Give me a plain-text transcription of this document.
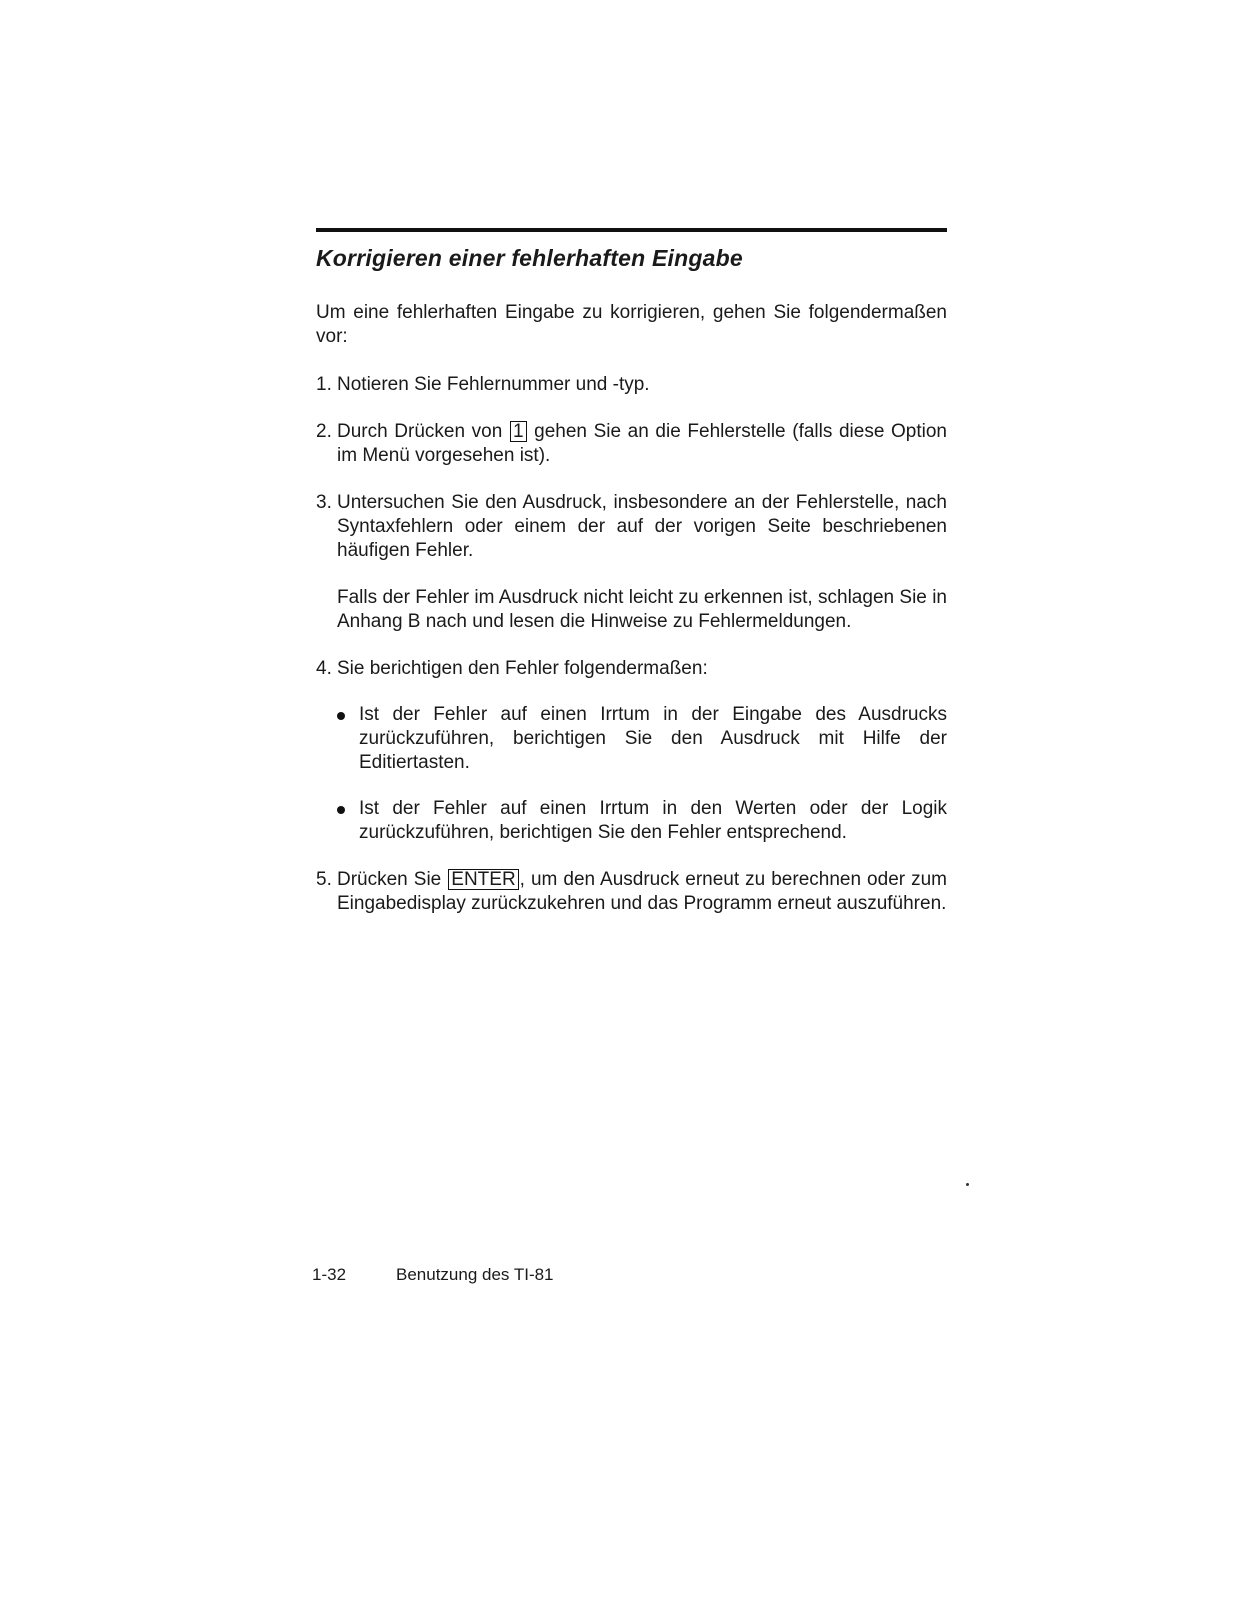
Korrigieren einer fehlerhaften Eingabe

Um eine fehlerhaften Eingabe zu korrigieren, gehen Sie folgendermaßen vor:

1. Notieren Sie Fehlernummer und -typ.

2. Durch Drücken von 1 gehen Sie an die Fehlerstelle (falls diese Option im Menü vorgesehen ist).

3. Untersuchen Sie den Ausdruck, insbesondere an der Fehlerstelle, nach Syntaxfehlern oder einem der auf der vorigen Seite beschriebenen häufigen Fehler.

Falls der Fehler im Ausdruck nicht leicht zu erkennen ist, schlagen Sie in Anhang B nach und lesen die Hinweise zu Fehlermeldungen.

4. Sie berichtigen den Fehler folgendermaßen:

Ist der Fehler auf einen Irrtum in der Eingabe des Ausdrucks zurückzuführen, berichtigen Sie den Ausdruck mit Hilfe der Editiertasten.
Ist der Fehler auf einen Irrtum in den Werten oder der Logik zurückzuführen, berichtigen Sie den Fehler entsprechend.
5. Drücken Sie ENTER , um den Ausdruck erneut zu berechnen oder zum Eingabedisplay zurückzukehren und das Programm erneut auszuführen.

1-32	Benutzung des TI-81
